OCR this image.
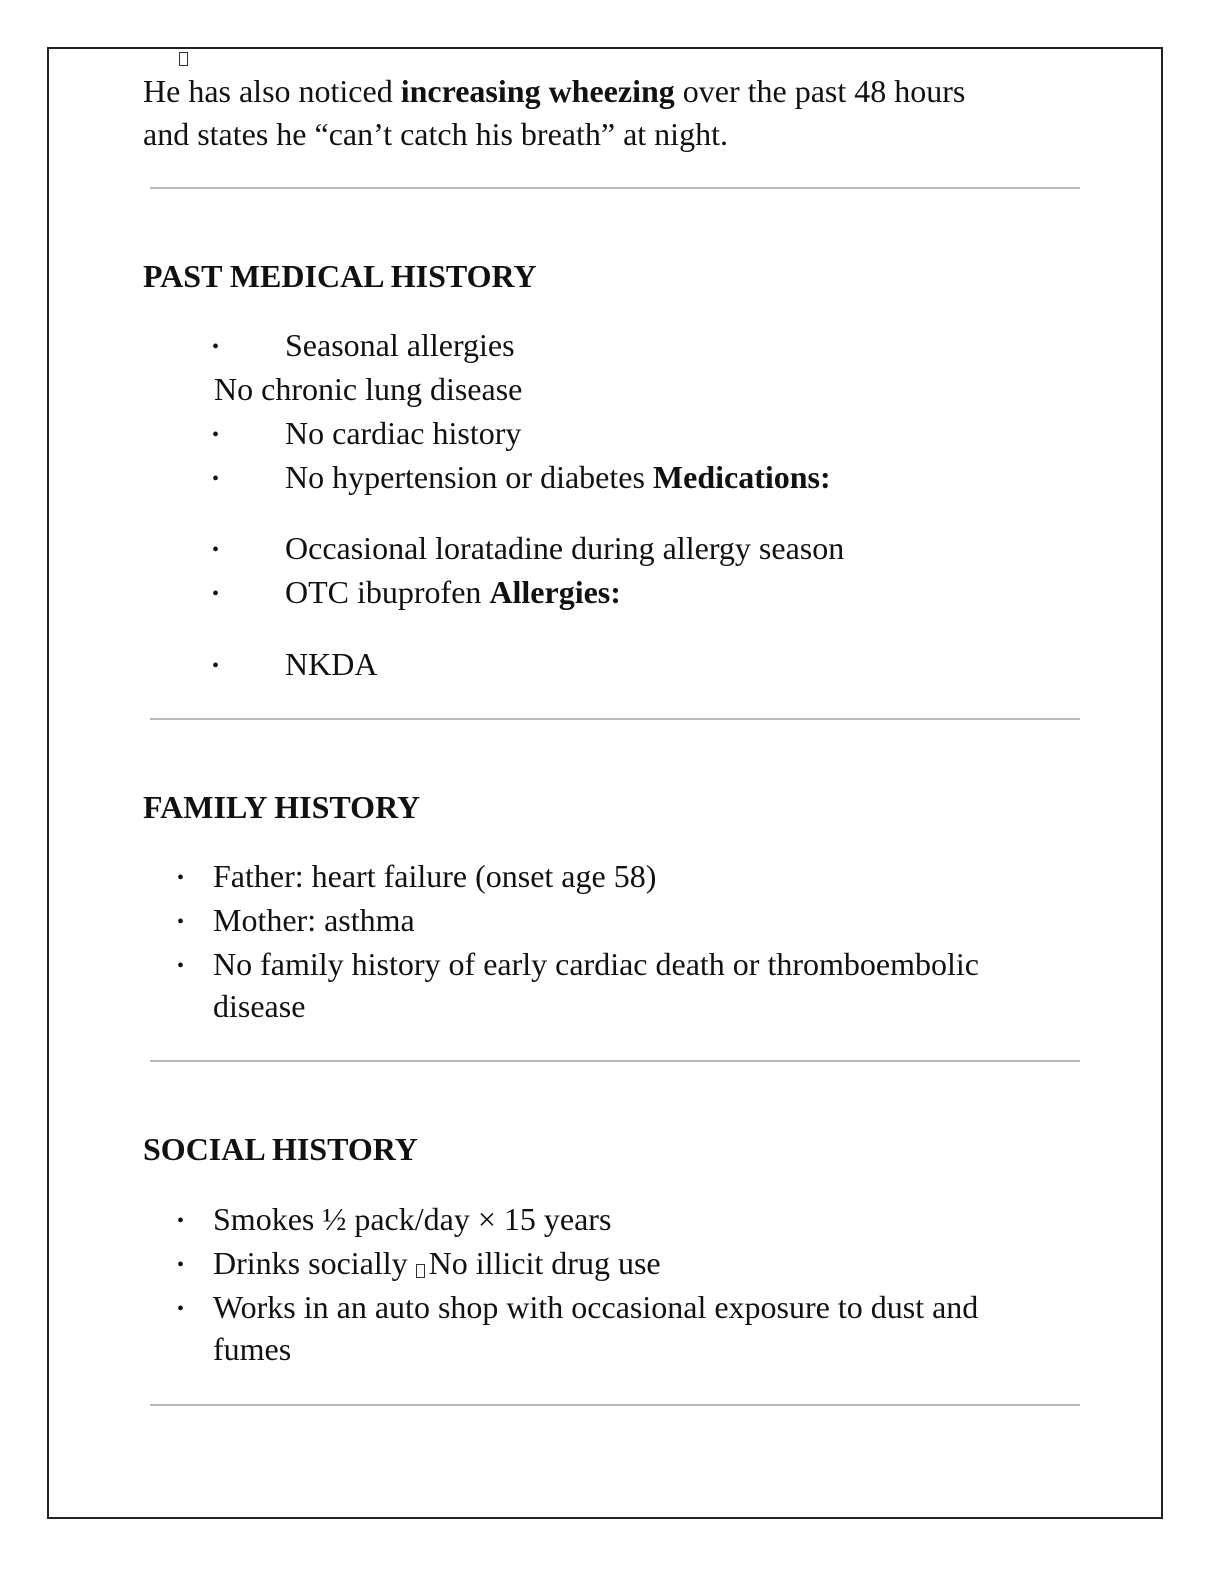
He has also noticed increasing wheezing over the past 48 hours
and states he “can’t catch his breath” at night.
PAST MEDICAL HISTORY
• Seasonal allergies
No chronic lung disease
• No cardiac history
• No hypertension or diabetes Medications:
• Occasional loratadine during allergy season
• OTC ibuprofen Allergies:
• NKDA
FAMILY HISTORY
• Father: heart failure (onset age 58)
• Mother: asthma
• No family history of early cardiac death or thromboembolic
disease
SOCIAL HISTORY
• Smokes ½ pack/day × 15 years
• Drinks socially No illicit drug use
• Works in an auto shop with occasional exposure to dust and
fumes
